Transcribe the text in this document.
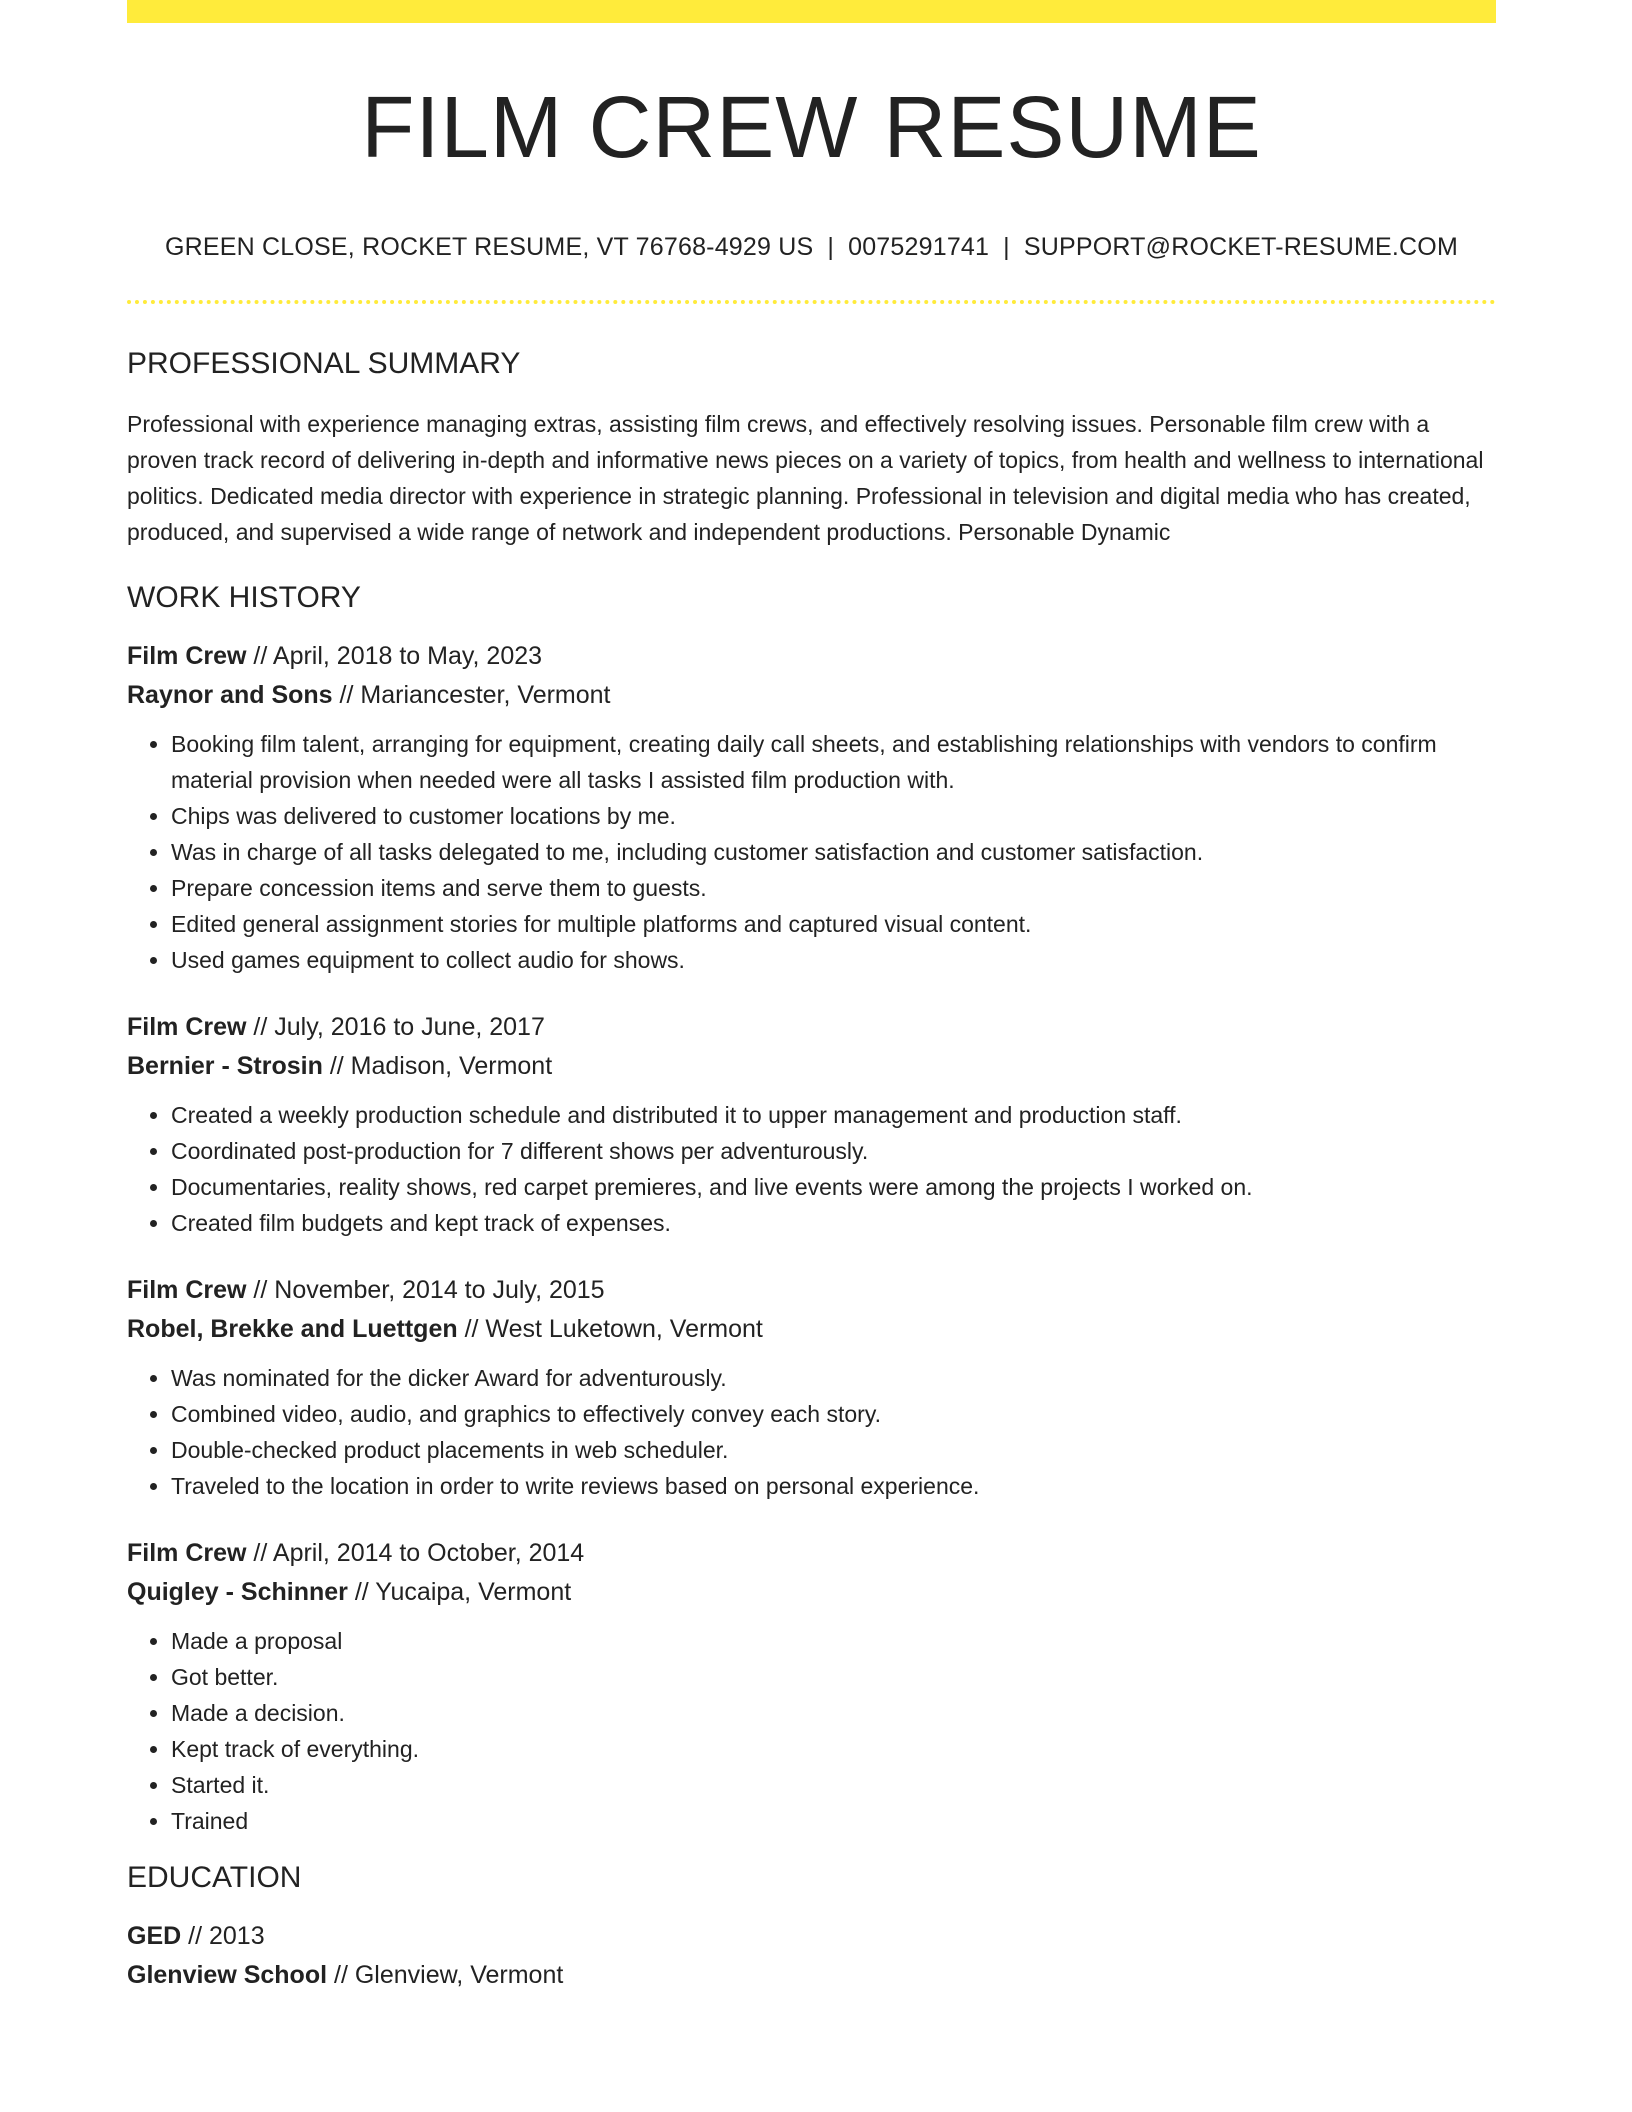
FILM CREW RESUME
GREEN CLOSE, ROCKET RESUME, VT 76768-4929 US | 0075291741 | SUPPORT@ROCKET-RESUME.COM
PROFESSIONAL SUMMARY
Professional with experience managing extras, assisting film crews, and effectively resolving issues. Personable film crew with a proven track record of delivering in-depth and informative news pieces on a variety of topics, from health and wellness to international politics. Dedicated media director with experience in strategic planning. Professional in television and digital media who has created, produced, and supervised a wide range of network and independent productions. Personable Dynamic
WORK HISTORY
Film Crew // April, 2018 to May, 2023
Raynor and Sons // Mariancester, Vermont
• Booking film talent, arranging for equipment, creating daily call sheets, and establishing relationships with vendors to confirm material provision when needed were all tasks I assisted film production with.
• Chips was delivered to customer locations by me.
• Was in charge of all tasks delegated to me, including customer satisfaction and customer satisfaction.
• Prepare concession items and serve them to guests.
• Edited general assignment stories for multiple platforms and captured visual content.
• Used games equipment to collect audio for shows.
Film Crew // July, 2016 to June, 2017
Bernier - Strosin // Madison, Vermont
• Created a weekly production schedule and distributed it to upper management and production staff.
• Coordinated post-production for 7 different shows per adventurously.
• Documentaries, reality shows, red carpet premieres, and live events were among the projects I worked on.
• Created film budgets and kept track of expenses.
Film Crew // November, 2014 to July, 2015
Robel, Brekke and Luettgen // West Luketown, Vermont
• Was nominated for the dicker Award for adventurously.
• Combined video, audio, and graphics to effectively convey each story.
• Double-checked product placements in web scheduler.
• Traveled to the location in order to write reviews based on personal experience.
Film Crew // April, 2014 to October, 2014
Quigley - Schinner // Yucaipa, Vermont
• Made a proposal
• Got better.
• Made a decision.
• Kept track of everything.
• Started it.
• Trained
EDUCATION
GED // 2013
Glenview School // Glenview, Vermont
